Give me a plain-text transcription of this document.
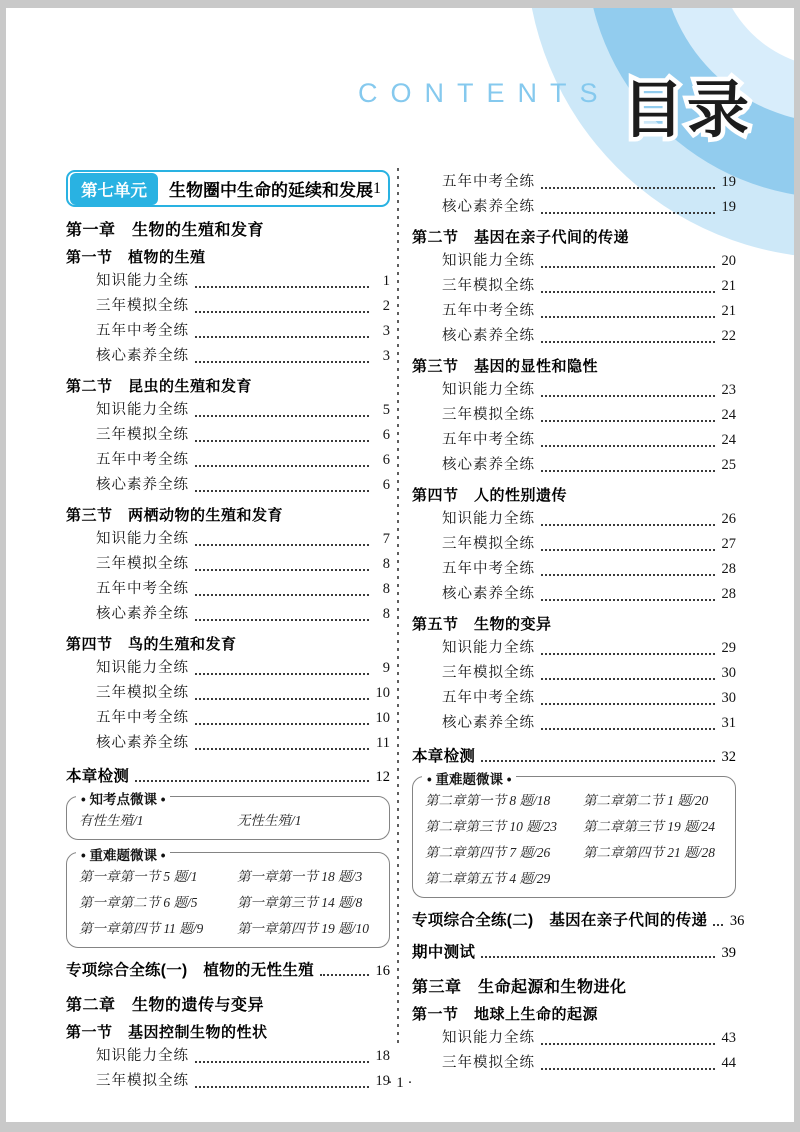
CONTENTS 目录
第七单元	生物圈中生命的延续和发展 1
第一章　生物的生殖和发育
第一节　植物的生殖
知识能力全练	1
三年模拟全练	2
五年中考全练	3
核心素养全练	3
第二节　昆虫的生殖和发育
知识能力全练	5
三年模拟全练	6
五年中考全练	6
核心素养全练	6
第三节　两栖动物的生殖和发育
知识能力全练	7
三年模拟全练	8
五年中考全练	8
核心素养全练	8
第四节　鸟的生殖和发育
知识能力全练	9
三年模拟全练	10
五年中考全练	10
核心素养全练	11
本章检测	12
• 知考点微课 •
有性生殖/1	无性生殖/1
• 重难题微课 •
第一章第一节 5 题/1	第一章第一节 18 题/3
第一章第二节 6 题/5	第一章第三节 14 题/8
第一章第四节 11 题/9	第一章第四节 19 题/10
专项综合全练(一)　植物的无性生殖	16
第二章　生物的遗传与变异
第一节　基因控制生物的性状
知识能力全练	18
三年模拟全练	19
五年中考全练	19
核心素养全练	19
第二节　基因在亲子代间的传递
知识能力全练	20
三年模拟全练	21
五年中考全练	21
核心素养全练	22
第三节　基因的显性和隐性
知识能力全练	23
三年模拟全练	24
五年中考全练	24
核心素养全练	25
第四节　人的性别遗传
知识能力全练	26
三年模拟全练	27
五年中考全练	28
核心素养全练	28
第五节　生物的变异
知识能力全练	29
三年模拟全练	30
五年中考全练	30
核心素养全练	31
本章检测	32
• 重难题微课 •
第二章第一节 8 题/18	第二章第二节 1 题/20
第二章第三节 10 题/23	第二章第三节 19 题/24
第二章第四节 7 题/26	第二章第四节 21 题/28
第二章第五节 4 题/29
专项综合全练(二)　基因在亲子代间的传递 36
期中测试	39
第三章　生命起源和生物进化
第一节　地球上生命的起源
知识能力全练	43
三年模拟全练	44
· 1 ·
